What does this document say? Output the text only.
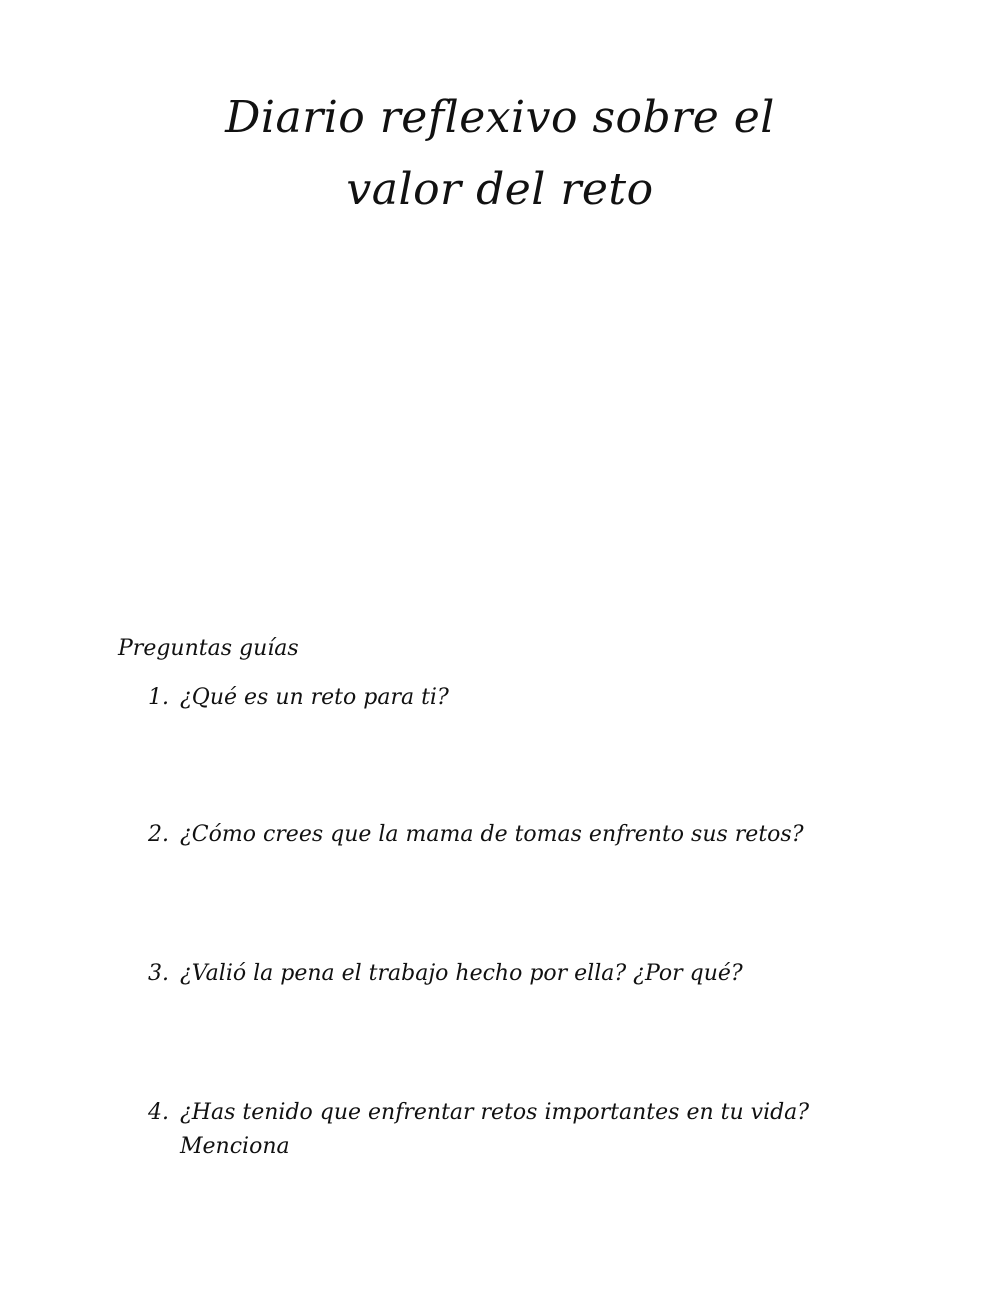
Diario reflexivo sobre el
valor del reto

Preguntas guías

1. ¿Qué es un reto para ti?
2. ¿Cómo crees que la mama de tomas enfrento sus retos?
3. ¿Valió la pena el trabajo hecho por ella? ¿Por qué?
4. ¿Has tenido que enfrentar retos importantes en tu vida? Menciona
